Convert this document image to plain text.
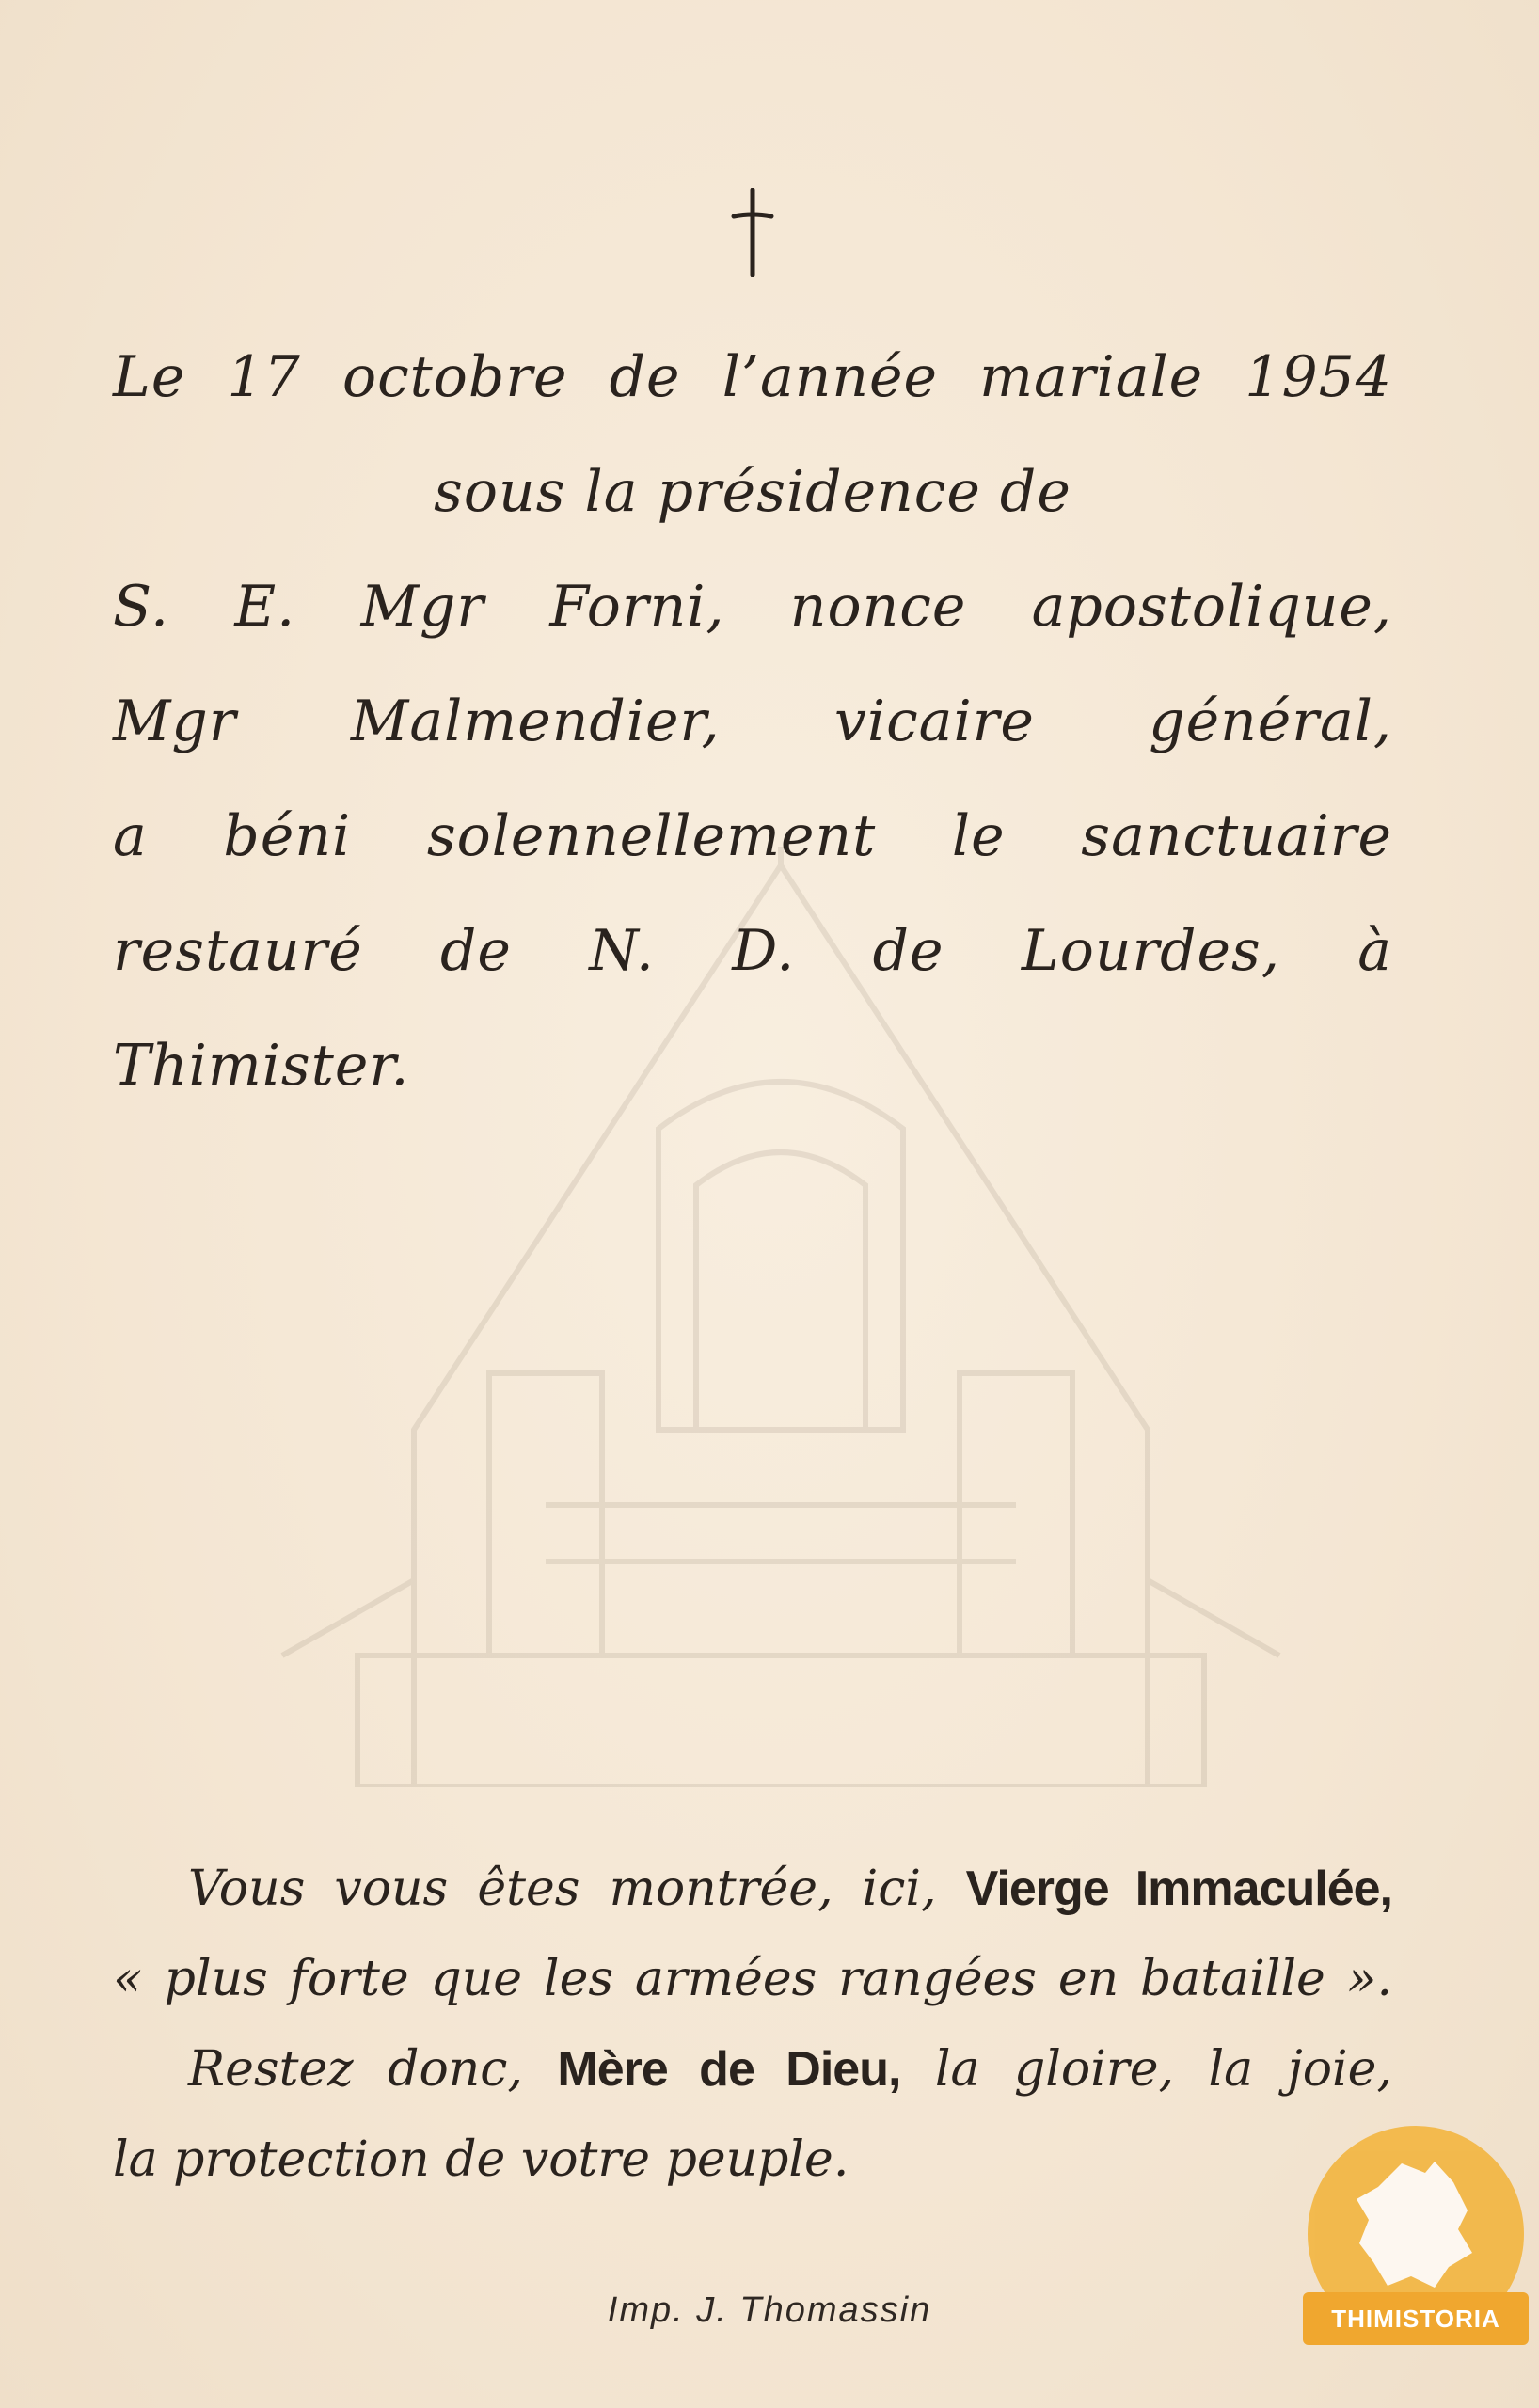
Le 17 octobre de l’année mariale 1954
sous la présidence de
S. E. Mgr Forni, nonce apostolique,
Mgr Malmendier, vicaire général,
a béni solennellement le sanctuaire
restauré de N. D. de Lourdes, à
Thimister.
Vous vous êtes montrée, ici, Vierge Immaculée,
« plus forte que les armées rangées en bataille ».
Restez donc, Mère de Dieu, la gloire, la joie,
la protection de votre peuple.
Imp. J. Thomassin	THIMISTORIA
